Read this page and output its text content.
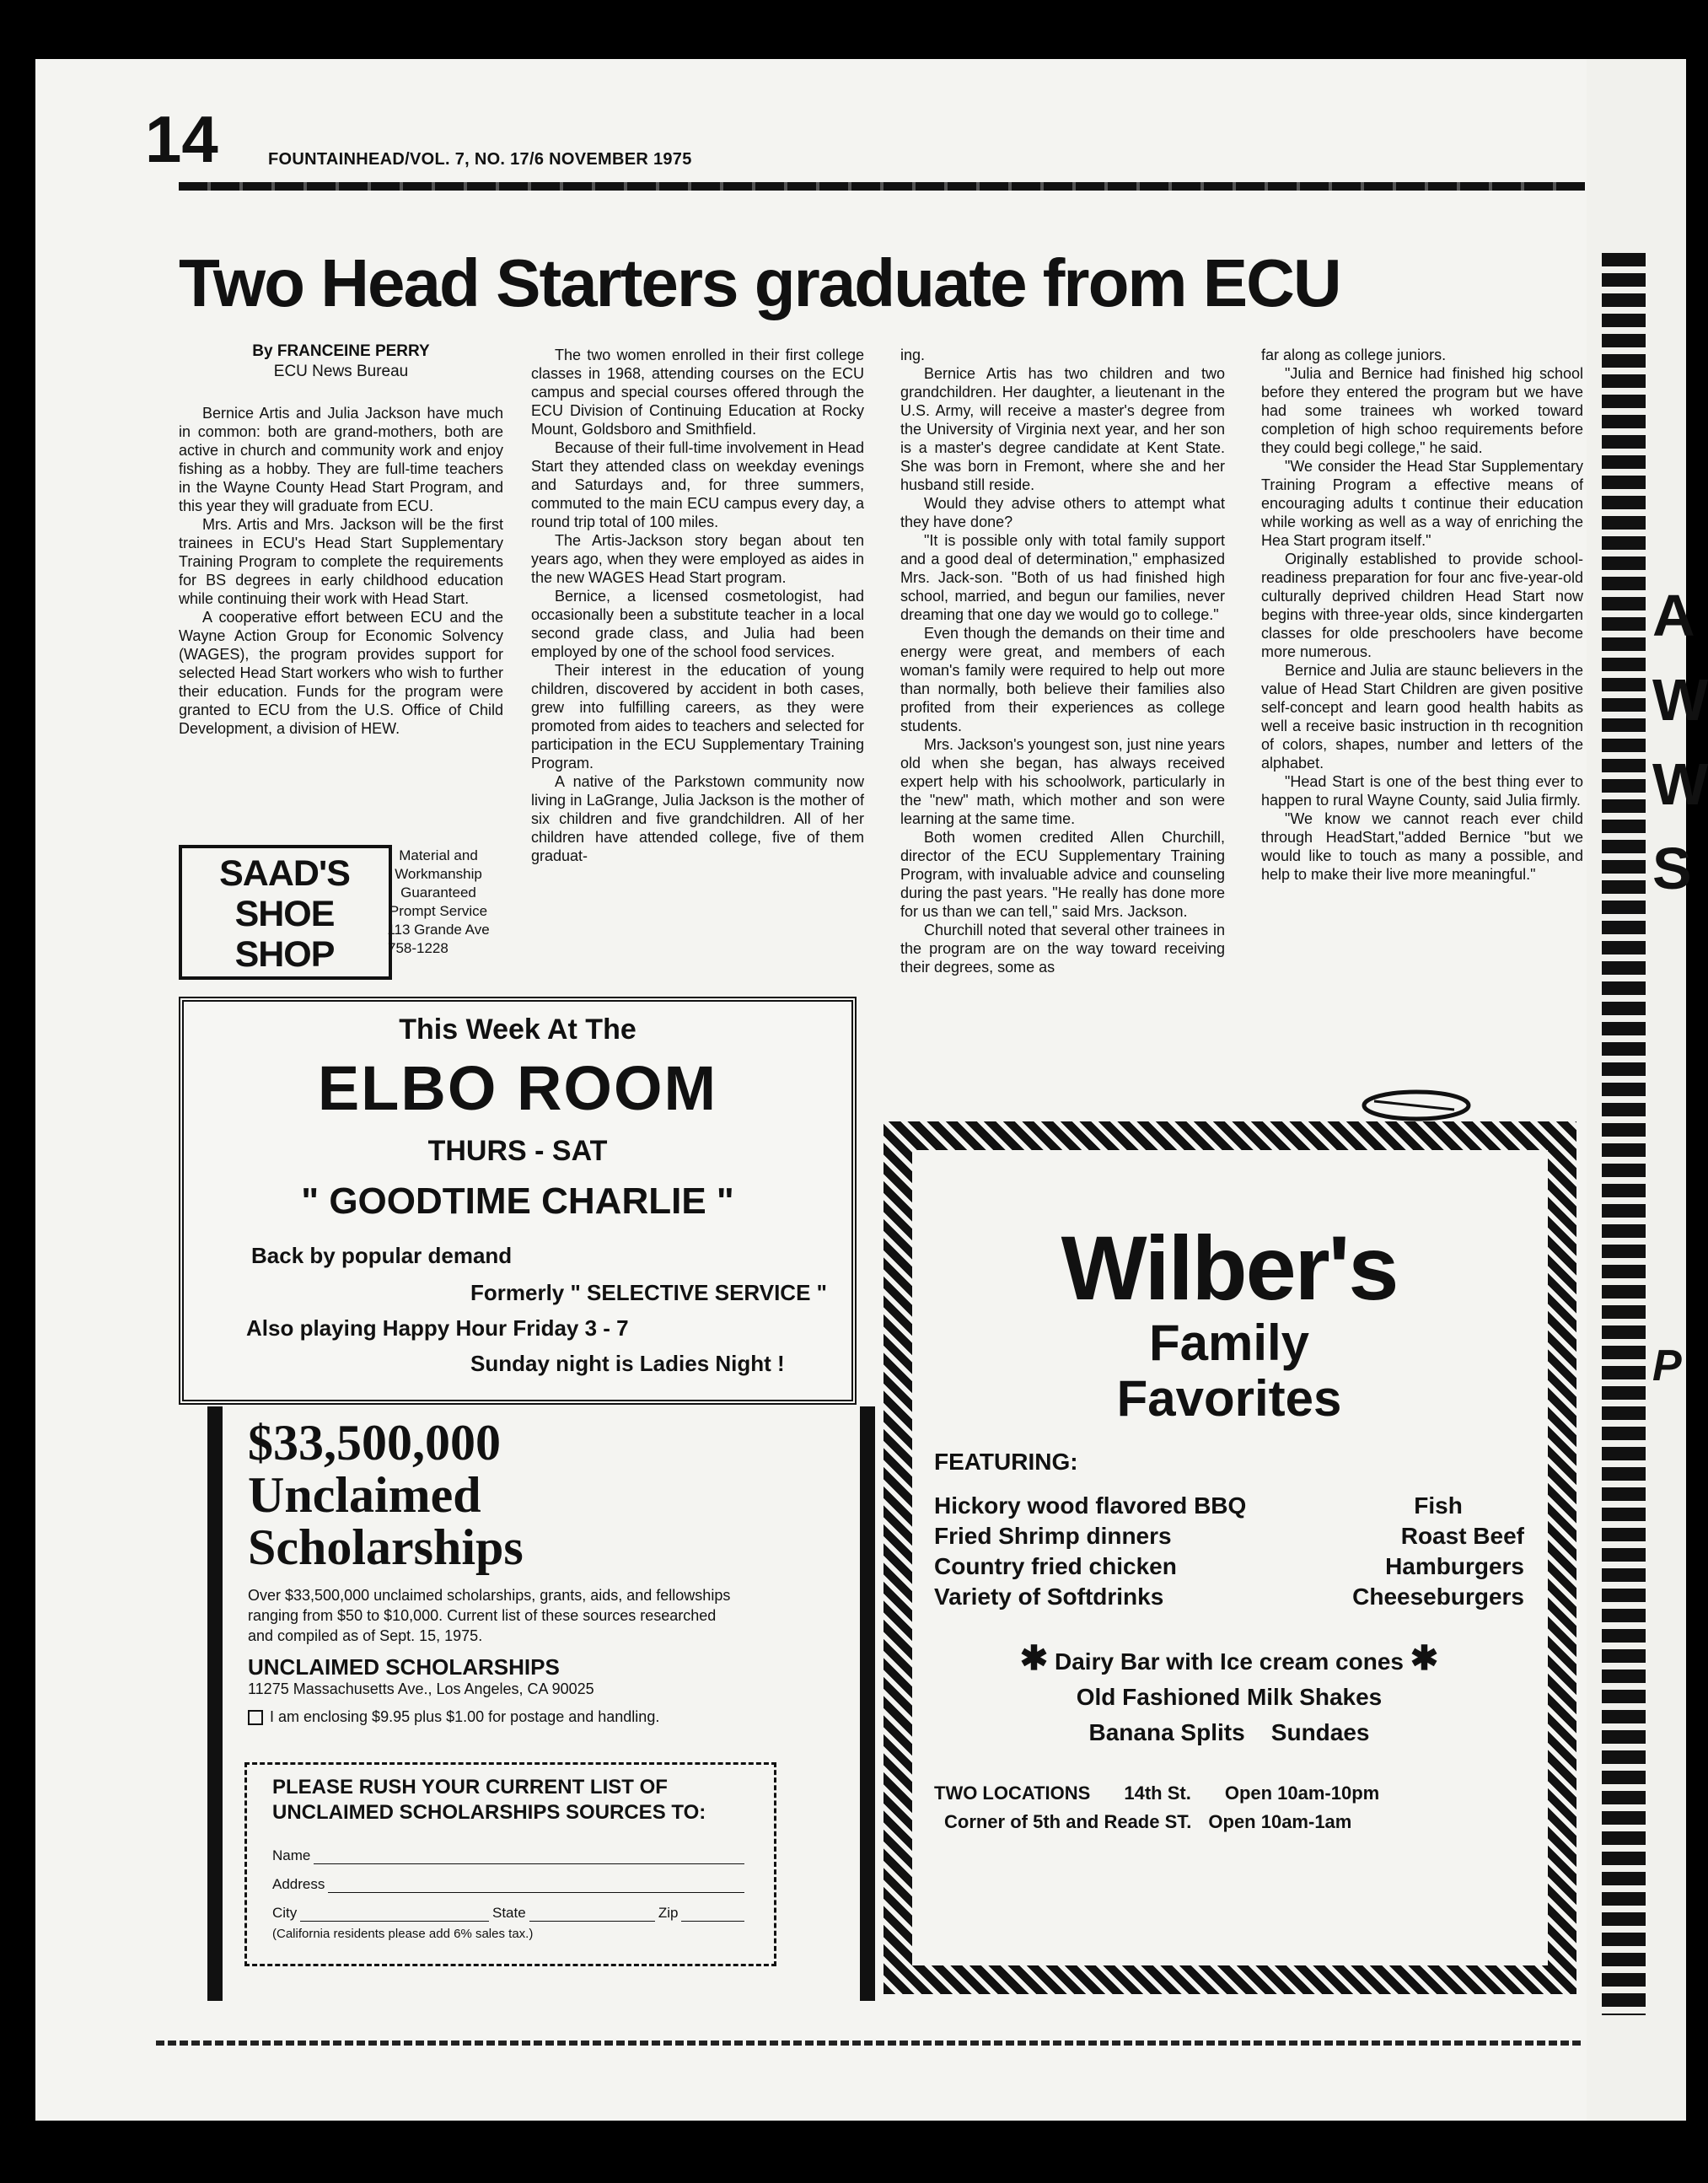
A
W
W
S
P
14	FOUNTAINHEAD/VOL. 7, NO. 17/6 NOVEMBER 1975
Two Head Starters graduate from ECU
By FRANCEINE PERRY
ECU News Bureau

Bernice Artis and Julia Jackson have much in common: both are grand-mothers, both are active in church and community work and enjoy fishing as a hobby. They are full-time teachers in the Wayne County Head Start Program, and this year they will graduate from ECU.

Mrs. Artis and Mrs. Jackson will be the first trainees in ECU's Head Start Supplementary Training Program to complete the requirements for BS degrees in early childhood education while continuing their work with Head Start.

A cooperative effort between ECU and the Wayne Action Group for Economic Solvency (WAGES), the program provides support for selected Head Start workers who wish to further their education. Funds for the program were granted to ECU from the U.S. Office of Child Development, a division of HEW.

The two women enrolled in their first college classes in 1968, attending courses on the ECU campus and special courses offered through the ECU Division of Continuing Education at Rocky Mount, Goldsboro and Smithfield.

Because of their full-time involvement in Head Start they attended class on weekday evenings and Saturdays and, for three summers, commuted to the main ECU campus every day, a round trip total of 100 miles.

The Artis-Jackson story began about ten years ago, when they were employed as aides in the new WAGES Head Start program.

Bernice, a licensed cosmetologist, had occasionally been a substitute teacher in a local second grade class, and Julia had been employed by one of the school food services.

Their interest in the education of young children, discovered by accident in both cases, grew into fulfilling careers, as they were promoted from aides to teachers and selected for participation in the ECU Supplementary Training Program.

A native of the Parkstown community now living in LaGrange, Julia Jackson is the mother of six children and five grandchildren. All of her children have attended college, five of them graduat-

ing.

Bernice Artis has two children and two grandchildren. Her daughter, a lieutenant in the U.S. Army, will receive a master's degree from the University of Virginia next year, and her son is a master's degree candidate at Kent State. She was born in Fremont, where she and her husband still reside.

Would they advise others to attempt what they have done?

"It is possible only with total family support and a good deal of determination," emphasized Mrs. Jack-son. "Both of us had finished high school, married, and begun our families, never dreaming that one day we would go to college."

Even though the demands on their time and energy were great, and members of each woman's family were required to help out more than normally, both believe their families also profited from their experiences as college students.

Mrs. Jackson's youngest son, just nine years old when she began, has always received expert help with his schoolwork, particularly in the "new" math, which mother and son were learning at the same time.

Both women credited Allen Churchill, director of the ECU Supplementary Training Program, with invaluable advice and counseling during the past years. "He really has done more for us than we can tell," said Mrs. Jackson.

Churchill noted that several other trainees in the program are on the way toward receiving their degrees, some as

far along as college juniors.

"Julia and Bernice had finished hig school before they entered the program but we have had some trainees wh worked toward completion of high schoo requirements before they could begi college," he said.

"We consider the Head Star Supplementary Training Program a effective means of encouraging adults t continue their education while working as well as a way of enriching the Hea Start program itself."

Originally established to provide school-readiness preparation for four anc five-year-old culturally deprived children Head Start now begins with three-year olds, since kindergarten classes for olde preschoolers have become more numerous.

Bernice and Julia are staunc believers in the value of Head Start Children are given positive self-concept and learn good health habits as well a receive basic instruction in th recognition of colors, shapes, number and letters of the alphabet.

"Head Start is one of the best thing ever to happen to rural Wayne County, said Julia firmly.

"We know we cannot reach ever child through HeadStart,"added Bernice "but we would like to touch as many a possible, and help to make their live more meaningful."

SAAD'S
SHOE
SHOP
Material and
Workmanship
Guaranteed
Prompt Service
113 Grande Ave
758-1228
This Week At The
ELBO ROOM
THURS - SAT
" GOODTIME CHARLIE "
Back by popular demand
Formerly " SELECTIVE SERVICE "
Also playing Happy Hour Friday 3 - 7
Sunday night is Ladies Night !
$33,500,000
Unclaimed
Scholarships
Over $33,500,000 unclaimed scholarships, grants, aids, and fellowships ranging from $50 to $10,000. Current list of these sources researched and compiled as of Sept. 15, 1975.
UNCLAIMED SCHOLARSHIPS
11275 Massachusetts Ave., Los Angeles, CA 90025
I am enclosing $9.95 plus $1.00 for postage and handling.
PLEASE RUSH YOUR CURRENT LIST OF
UNCLAIMED SCHOLARSHIPS SOURCES TO:
Name
Address
City	State	Zip
(California residents please add 6% sales tax.)
Wilber's
Family
Favorites
FEATURING:
Hickory wood flavored BBQ
Fried Shrimp dinners
Country fried chicken
Variety of Softdrinks
Fish
Roast Beef
Hamburgers
Cheeseburgers
✱ Dairy Bar with Ice cream cones ✱
Old Fashioned Milk Shakes
Banana Splits Sundaes
TWO LOCATIONS 14th St. Open 10am-10pm
Corner of 5th and Reade ST. Open 10am-1am
